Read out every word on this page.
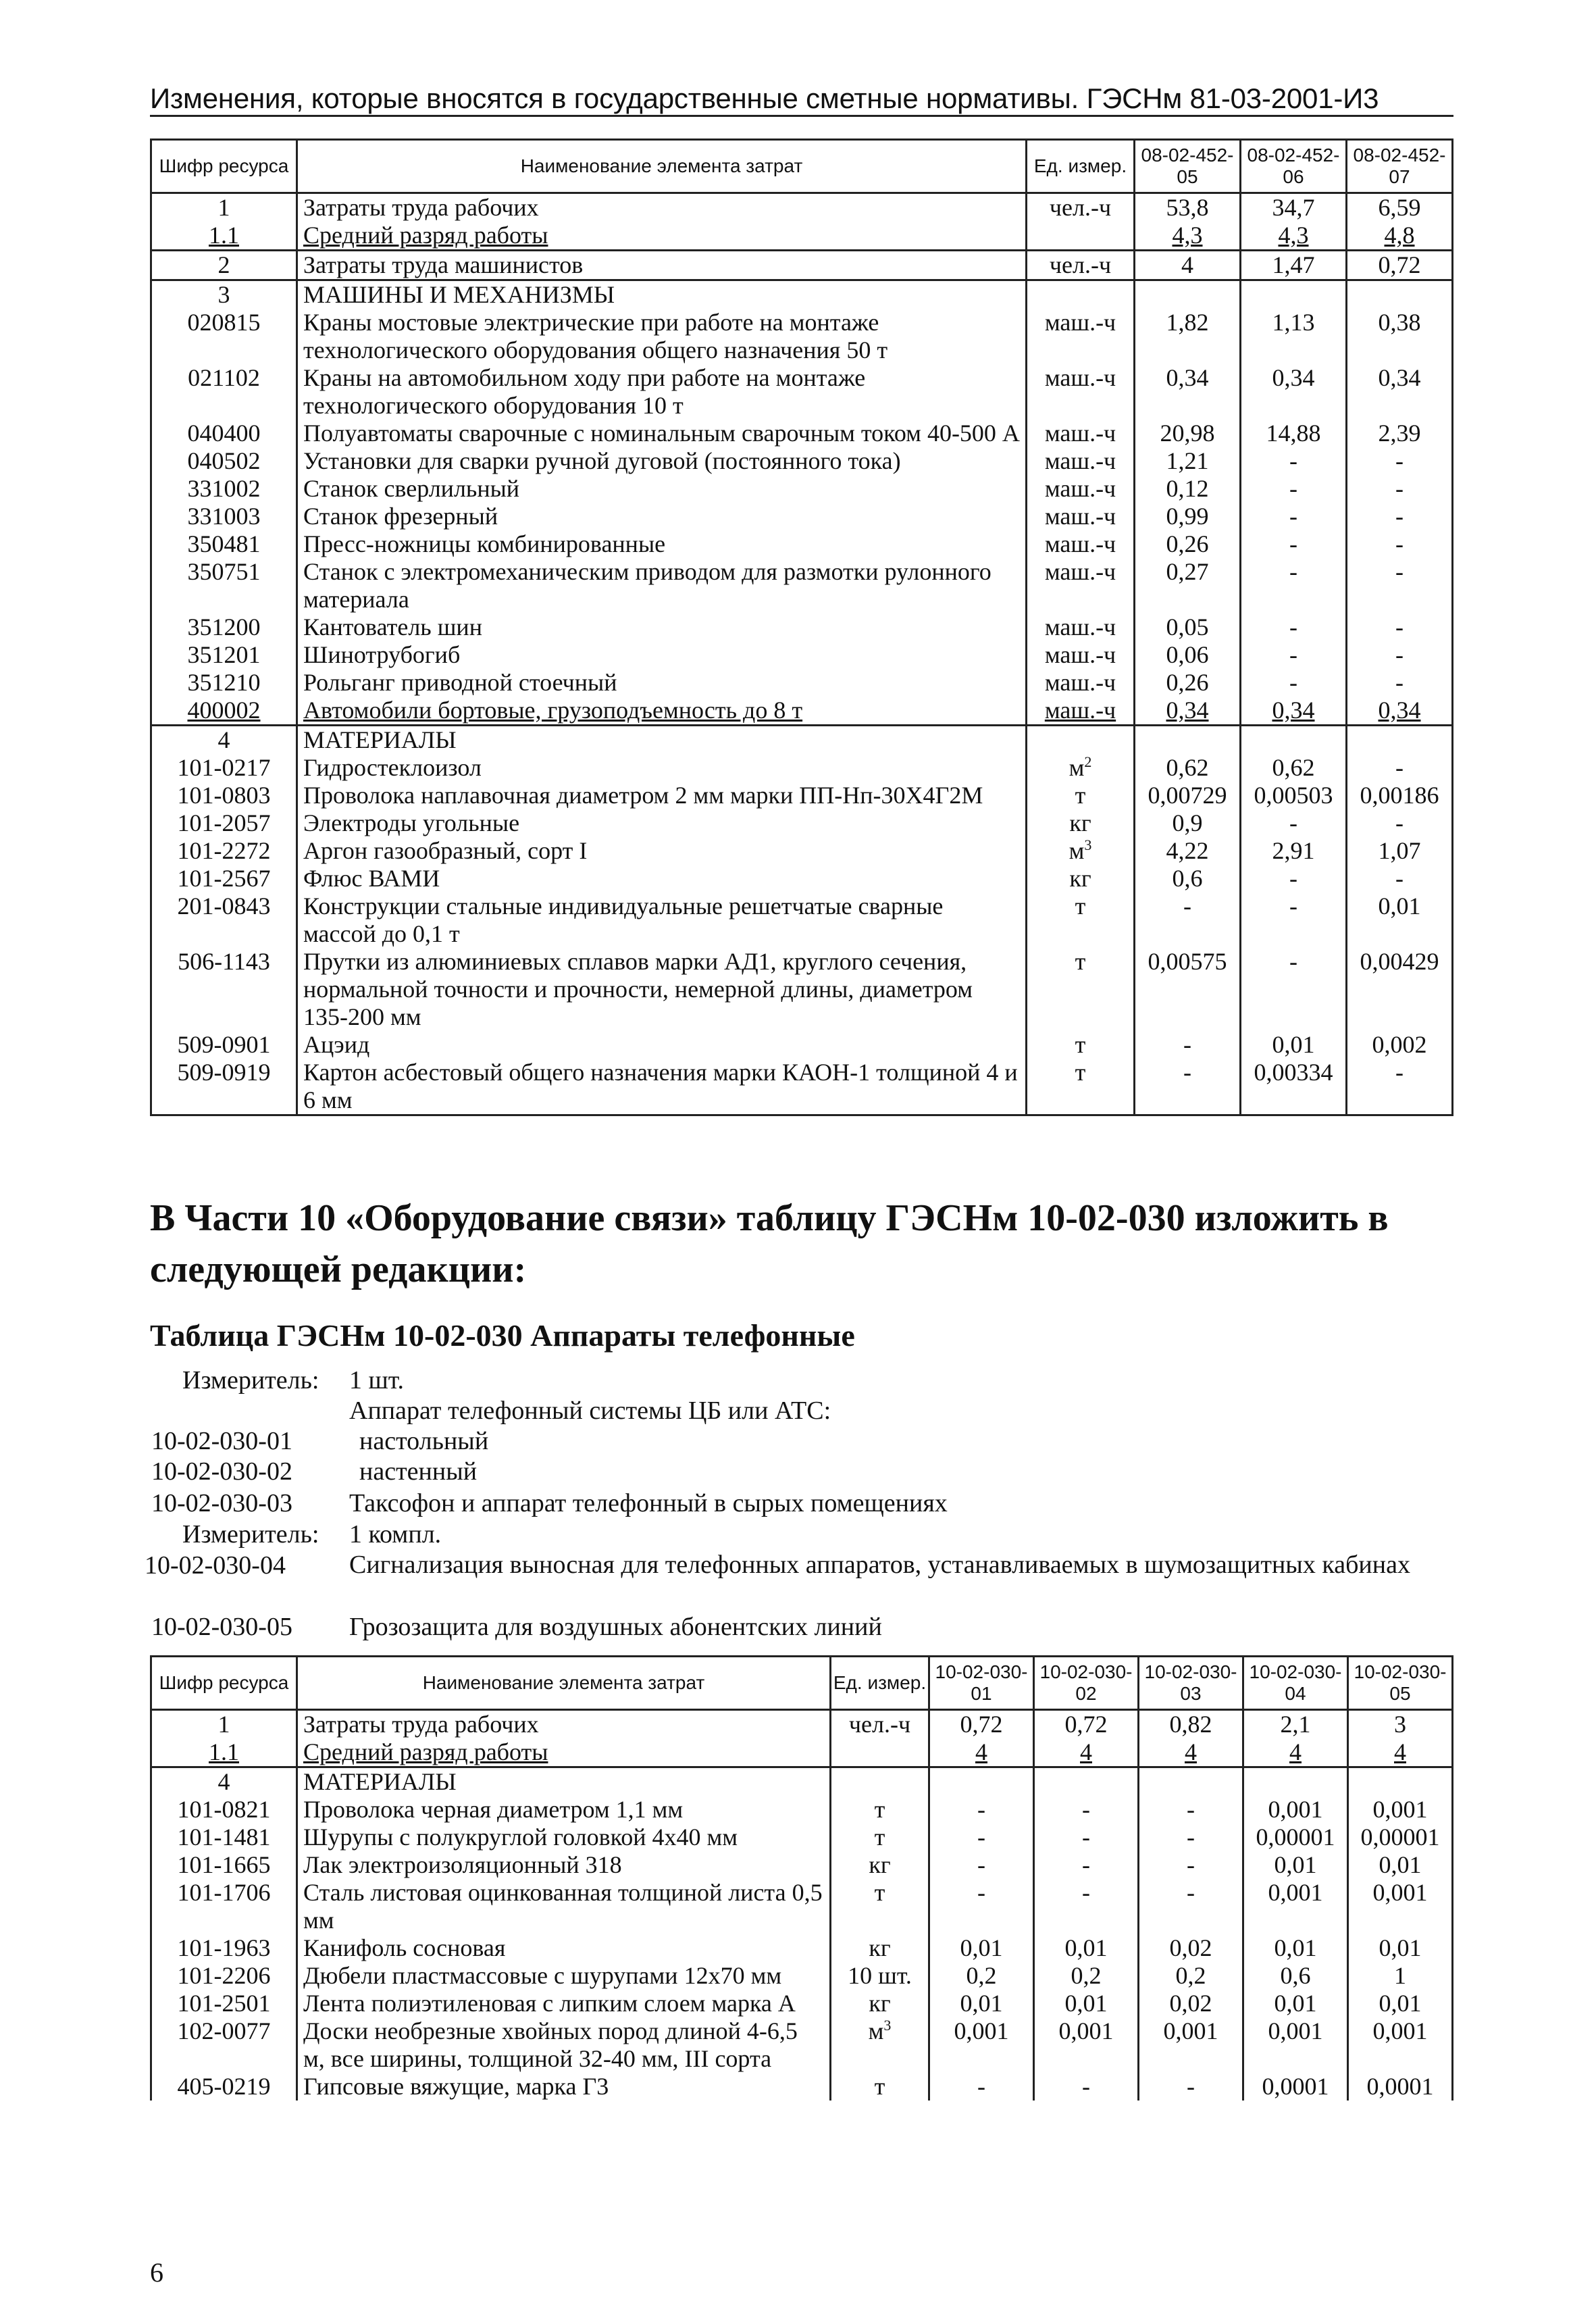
Изменения, которые вносятся в государственные сметные нормативы. ГЭСНм 81-03-2001-И3
Шифр ресурса	Наименование элемента затрат	Ед. измер.	08-02-452-05	08-02-452-06	08-02-452-07
1	Затраты труда рабочих	чел.-ч	53,8	34,7	6,59
1.1	Средний разряд работы		4,3	4,3	4,8
2	Затраты труда машинистов	чел.-ч	4	1,47	0,72
3	МАШИНЫ И МЕХАНИЗМЫ				
020815	Краны мостовые электрические при работе на монтаже технологического оборудования общего назначения 50 т	маш.-ч	1,82	1,13	0,38
021102	Краны на автомобильном ходу при работе на монтаже технологического оборудования 10 т	маш.-ч	0,34	0,34	0,34
040400	Полуавтоматы сварочные с номинальным сварочным током 40-500 А	маш.-ч	20,98	14,88	2,39
040502	Установки для сварки ручной дуговой (постоянного тока)	маш.-ч	1,21	-	-
331002	Станок сверлильный	маш.-ч	0,12	-	-
331003	Станок фрезерный	маш.-ч	0,99	-	-
350481	Пресс-ножницы комбинированные	маш.-ч	0,26	-	-
350751	Станок с электромеханическим приводом для размотки рулонного материала	маш.-ч	0,27	-	-
351200	Кантователь шин	маш.-ч	0,05	-	-
351201	Шинотрубогиб	маш.-ч	0,06	-	-
351210	Рольганг приводной стоечный	маш.-ч	0,26	-	-
400002	Автомобили бортовые, грузоподъемность до 8 т	маш.-ч	0,34	0,34	0,34
4	МАТЕРИАЛЫ				
101-0217	Гидростеклоизол	$м^2$	0,62	0,62	-
101-0803	Проволока наплавочная диаметром 2 мм марки ПП-Нп-30Х4Г2М	т	0,00729	0,00503	0,00186
101-2057	Электроды угольные	кг	0,9	-	-
101-2272	Аргон газообразный, сорт I	$м^3$	4,22	2,91	1,07
101-2567	Флюс ВАМИ	кг	0,6	-	-
201-0843	Конструкции стальные индивидуальные решетчатые сварные массой до 0,1 т	т	-	-	0,01
506-1143	Прутки из алюминиевых сплавов марки АД1, круглого сечения, нормальной точности и прочности, немерной длины, диаметром 135-200 мм	т	0,00575	-	0,00429
509-0901	Ацэид	т	-	0,01	0,002
509-0919	Картон асбестовый общего назначения марки КАОН-1 толщиной 4 и 6 мм	т	-	0,00334	-
В Части 10 «Оборудование связи» таблицу ГЭСНм 10-02-030 изложить в следующей редакции:
Таблица ГЭСНм 10-02-030 Аппараты телефонные
Измеритель:	1 шт.
Аппарат телефонный системы ЦБ или АТС:
10-02-030-01	настольный
10-02-030-02	настенный
10-02-030-03	Таксофон и аппарат телефонный в сырых помещениях
Измеритель:	1 компл.
10-02-030-04	Сигнализация выносная для телефонных аппаратов, устанавливаемых в шумозащитных кабинах
10-02-030-05	Грозозащита для воздушных абонентских линий
Шифр ресурса	Наименование элемента затрат	Ед. измер.	10-02-030-01	10-02-030-02	10-02-030-03	10-02-030-04	10-02-030-05
1	Затраты труда рабочих	чел.-ч	0,72	0,72	0,82	2,1	3
1.1	Средний разряд работы		4	4	4	4	4
4	МАТЕРИАЛЫ						
101-0821	Проволока черная диаметром 1,1 мм	т	-	-	-	0,001	0,001
101-1481	Шурупы с полукруглой головкой 4х40 мм	т	-	-	-	0,00001	0,00001
101-1665	Лак электроизоляционный 318	кг	-	-	-	0,01	0,01
101-1706	Сталь листовая оцинкованная толщиной листа 0,5 мм	т	-	-	-	0,001	0,001
101-1963	Канифоль сосновая	кг	0,01	0,01	0,02	0,01	0,01
101-2206	Дюбели пластмассовые с шурупами 12х70 мм	10 шт.	0,2	0,2	0,2	0,6	1
101-2501	Лента полиэтиленовая с липким слоем марка А	кг	0,01	0,01	0,02	0,01	0,01
102-0077	Доски необрезные хвойных пород длиной 4-6,5 м, все ширины, толщиной 32-40 мм, III сорта	$м^3$	0,001	0,001	0,001	0,001	0,001
405-0219	Гипсовые вяжущие, марка Г3	т	-	-	-	0,0001	0,0001
6
